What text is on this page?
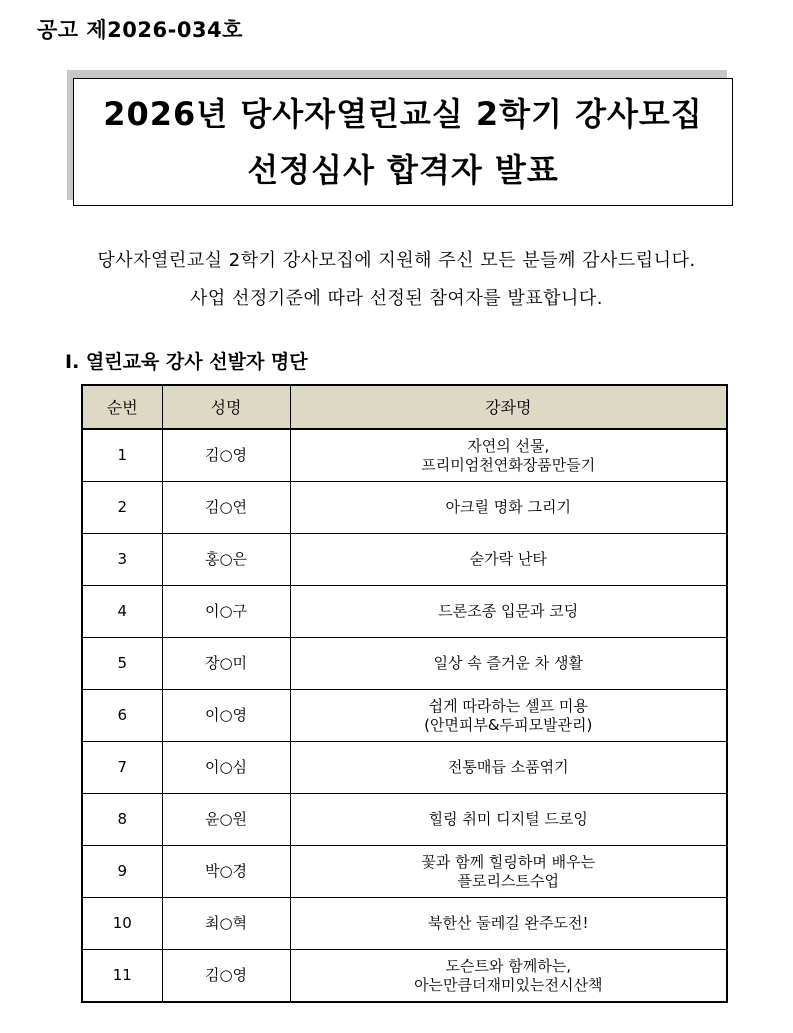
공고 제2026-034호
2026년 당사자열린교실 2학기 강사모집
선정심사 합격자 발표
당사자열린교실 2학기 강사모집에 지원해 주신 모든 분들께 감사드립니다.
사업 선정기준에 따라 선정된 참여자를 발표합니다.
Ⅰ. 열린교육 강사 선발자 명단
순번	성명	강좌명
1	김○영	자연의 선물,
프리미엄천연화장품만들기

2	김○연	아크릴 명화 그리기

3	홍○은	숟가락 난타

4	이○구	드론조종 입문과 코딩

5	장○미	일상 속 즐거운 차 생활

6	이○영	쉽게 따라하는 셀프 미용
(안면피부&두피모발관리)

7	이○심	전통매듭 소품엮기

8	윤○원	힐링 취미 디지털 드로잉

9	박○경	꽃과 함께 힐링하며 배우는
플로리스트수업

10	최○혁	북한산 둘레길 완주도전!

11	김○영	도슨트와 함께하는,
아는만큼더재미있는전시산책
